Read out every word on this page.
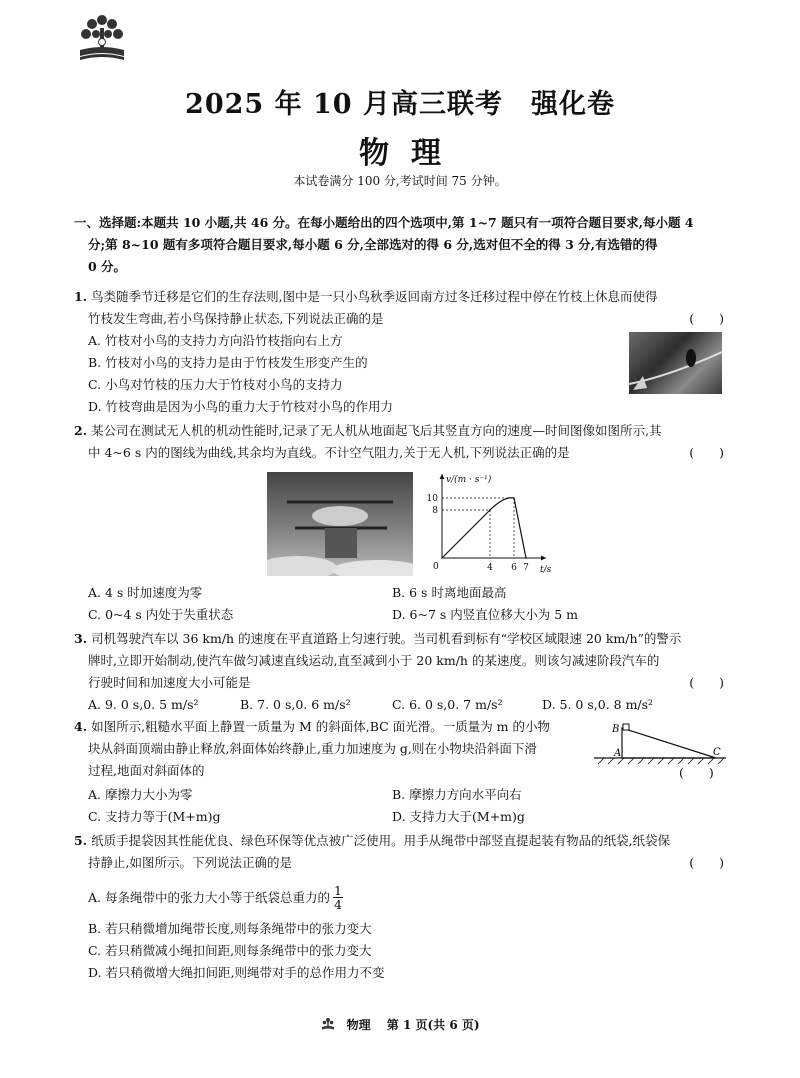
2025 年 10 月高三联考　强化卷
物理
本试卷满分 100 分,考试时间 75 分钟。
一、选择题:本题共 10 小题,共 46 分。在每小题给出的四个选项中,第 1~7 题只有一项符合题目要求,每小题 4
分;第 8~10 题有多项符合题目要求,每小题 6 分,全部选对的得 6 分,选对但不全的得 3 分,有选错的得
0 分。
1. 鸟类随季节迁移是它们的生存法则,图中是一只小鸟秋季返回南方过冬迁移过程中停在竹枝上休息而使得
竹枝发生弯曲,若小鸟保持静止状态,下列说法正确的是	(　　)
A. 竹枝对小鸟的支持力方向沿竹枝指向右上方
B. 竹枝对小鸟的支持力是由于竹枝发生形变产生的
C. 小鸟对竹枝的压力大于竹枝对小鸟的支持力
D. 竹枝弯曲是因为小鸟的重力大于竹枝对小鸟的作用力
2. 某公司在测试无人机的机动性能时,记录了无人机从地面起飞后其竖直方向的速度—时间图像如图所示,其
中 4~6 s 内的图线为曲线,其余均为直线。不计空气阻力,关于无人机,下列说法正确的是	(　　)
v/(m · s⁻¹)
t/s
0
8
10
4 6 7
A. 4 s 时加速度为零	B. 6 s 时离地面最高
C. 0~4 s 内处于失重状态	D. 6~7 s 内竖直位移大小为 5 m
3. 司机驾驶汽车以 36 km/h 的速度在平直道路上匀速行驶。当司机看到标有“学校区域限速 20 km/h”的警示
牌时,立即开始制动,使汽车做匀减速直线运动,直至减到小于 20 km/h 的某速度。则该匀减速阶段汽车的
行驶时间和加速度大小可能是	(　　)
A. 9. 0 s,0. 5 m/s²	B. 7. 0 s,0. 6 m/s²	C. 6. 0 s,0. 7 m/s²	D. 5. 0 s,0. 8 m/s²
4. 如图所示,粗糙水平面上静置一质量为 M 的斜面体,BC 面光滑。一质量为 m 的小物
块从斜面顶端由静止释放,斜面体始终静止,重力加速度为 g,则在小物块沿斜面下滑
过程,地面对斜面体的	(　　)
B
A	C
A. 摩擦力大小为零	B. 摩擦力方向水平向右
C. 支持力等于(M+m)g	D. 支持力大于(M+m)g
5. 纸质手提袋因其性能优良、绿色环保等优点被广泛使用。用手从绳带中部竖直提起装有物品的纸袋,纸袋保
持静止,如图所示。下列说法正确的是	(　　)
A. 每条绳带中的张力大小等于纸袋总重力的 $\frac{1}{4}$
B. 若只稍微增加绳带长度,则每条绳带中的张力变大
C. 若只稍微减小绳扣间距,则每条绳带中的张力变大
D. 若只稍微增大绳扣间距,则绳带对手的总作用力不变
物理 第 1 页(共 6 页)
